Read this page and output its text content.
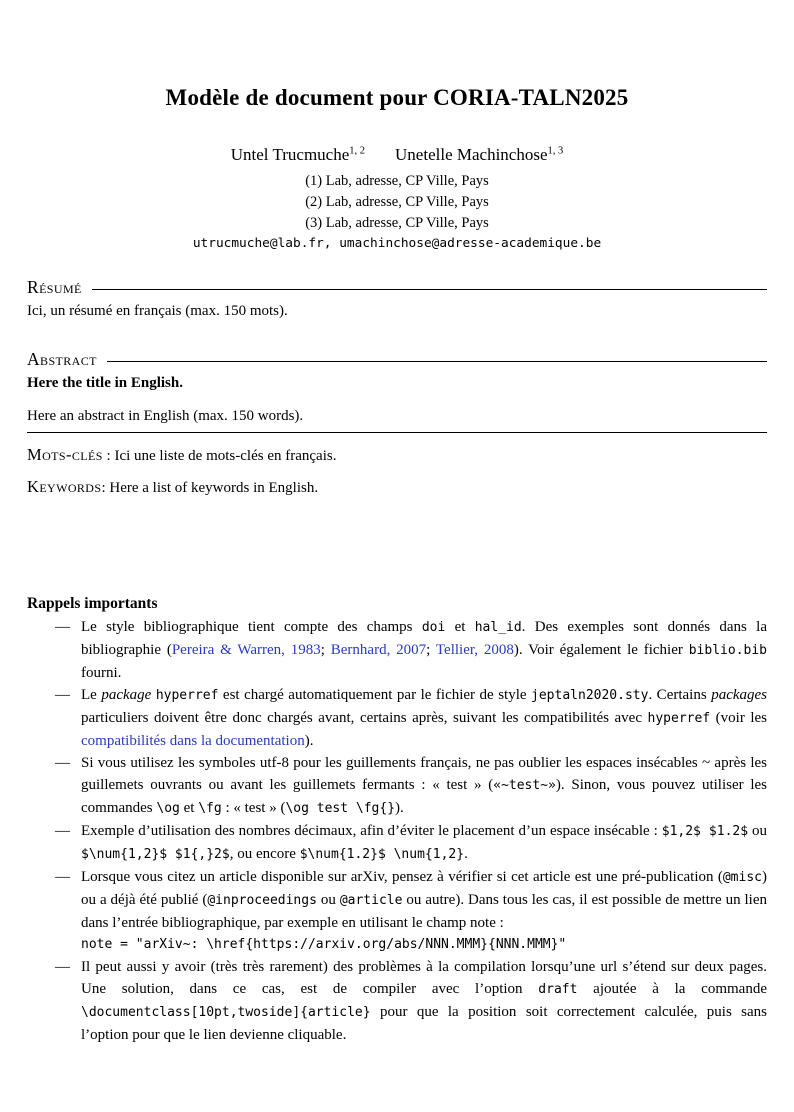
Modèle de document pour CORIA-TALN2025
Untel Trucmuche$^{1, 2}$ Unetelle Machinchose$^{1, 3}$
(1) Lab, adresse, CP Ville, Pays
(2) Lab, adresse, CP Ville, Pays
(3) Lab, adresse, CP Ville, Pays
utrucmuche@lab.fr, umachinchose@adresse-academique.be
Résumé

Ici, un résumé en français (max. 150 mots).

Abstract

Here the title in English.

Here an abstract in English (max. 150 words).

Mots-clés : Ici une liste de mots-clés en français.

Keywords: Here a list of keywords in English.

Rappels importants
— Le style bibliographique tient compte des champs doi et hal_id. Des exemples sont donnés dans la bibliographie (Pereira & Warren, 1983; Bernhard, 2007; Tellier, 2008). Voir également le fichier biblio.bib fourni.
— Le package hyperref est chargé automatiquement par le fichier de style jeptaln2020.sty. Certains packages particuliers doivent être donc chargés avant, certains après, suivant les compatibilités avec hyperref (voir les compatibilités dans la documentation).
— Si vous utilisez les symboles utf-8 pour les guillements français, ne pas oublier les espaces insécables ~ après les guillemets ouvrants ou avant les guillemets fermants : « test » («~test~»). Sinon, vous pouvez utiliser les commandes \og et \fg : « test » (\og test \fg{}).
— Exemple d’utilisation des nombres décimaux, afin d’éviter le placement d’un espace insécable : $1,2$ $1.2$ ou $\num{1,2}$ $1{,}2$, ou encore $\num{1.2}$ \num{1,2}.
— Lorsque vous citez un article disponible sur arXiv, pensez à vérifier si cet article est une pré-publication (@misc) ou a déjà été publié (@inproceedings ou @article ou autre). Dans tous les cas, il est possible de mettre un lien dans l’entrée bibliographique, par exemple en utilisant le champ note :
note = "arXiv~: \href{https://arxiv.org/abs/NNN.MMM}{NNN.MMM}"
— Il peut aussi y avoir (très très rarement) des problèmes à la compilation lorsqu’une url s’étend sur deux pages. Une solution, dans ce cas, est de compiler avec l’option draft ajoutée à la commande \documentclass[10pt,twoside]{article} pour que la position soit correctement calculée, puis sans l’option pour que le lien devienne cliquable.
